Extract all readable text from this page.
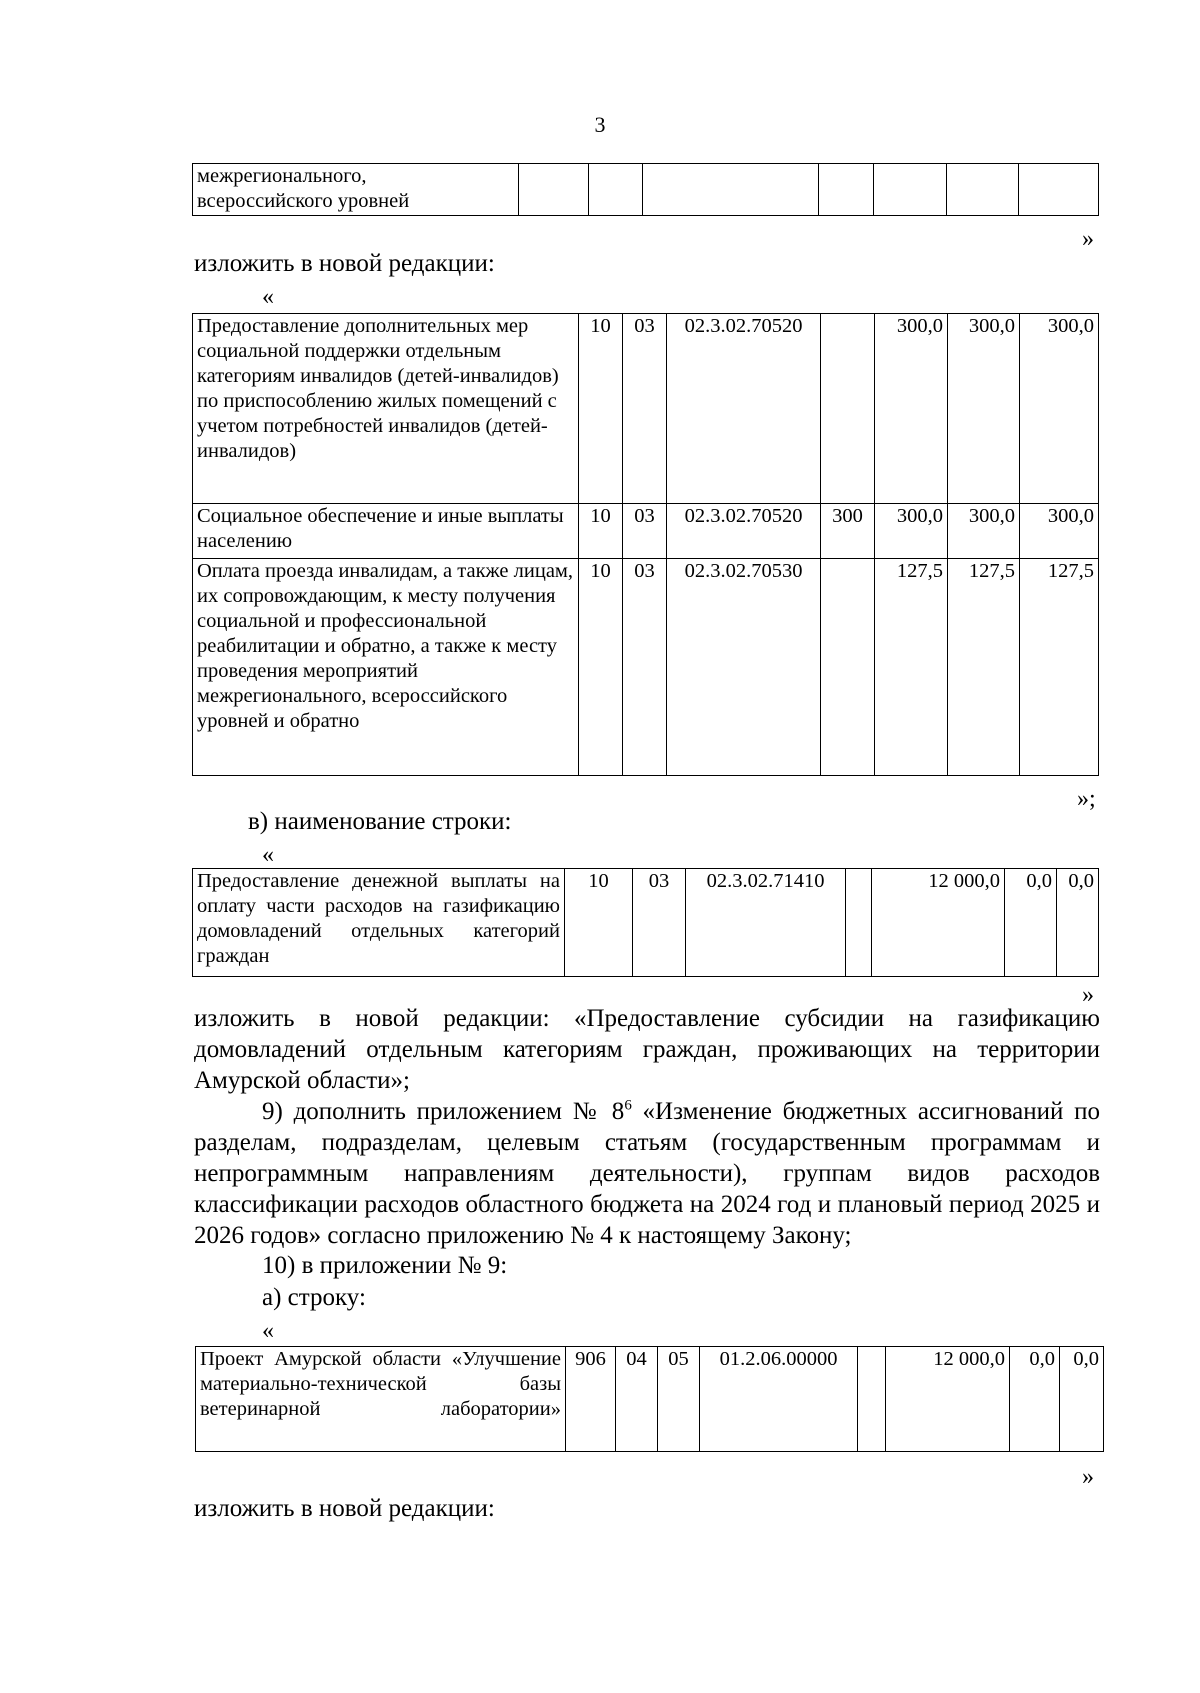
3
межрегионального,
всероссийского уровней							
»
изложить в новой редакции:
«
Предоставление дополнительных мер социальной поддержки отдельным категориям инвалидов (детей-инвалидов) по приспособлению жилых помещений с учетом потребностей инвалидов (детей-инвалидов)	10	03	02.3.02.70520		300,0	300,0	300,0
Социальное обеспечение и иные выплаты населению	10	03	02.3.02.70520	300	300,0	300,0	300,0
Оплата проезда инвалидам, а также лицам, их сопровождающим, к месту получения социальной и профессиональной реабилитации и обратно, а также к месту проведения мероприятий межрегионального, всероссийского уровней и обратно	10	03	02.3.02.70530		127,5	127,5	127,5
»;
в) наименование строки:
«
Предоставление денежной выплаты на оплату части расходов на газификацию домовладений отдельных категорий граждан	10	03	02.3.02.71410		12 000,0	0,0	0,0
»
изложить в новой редакции: «Предоставление субсидии на газификацию домовладений отдельным категориям граждан, проживающих на территории Амурской области»;
9) дополнить приложением № $8^6$ «Изменение бюджетных ассигнований по разделам, подразделам, целевым статьям (государственным программам и непрограммным направлениям деятельности), группам видов расходов классификации расходов областного бюджета на 2024 год и плановый период 2025 и 2026 годов» согласно приложению № 4 к настоящему Закону;
10) в приложении № 9:
а) строку:
«
Проект Амурской области «Улучшение материально-технической базы ветеринарной лаборатории»	906	04	05	01.2.06.00000		12 000,0	0,0	0,0
»
изложить в новой редакции:
